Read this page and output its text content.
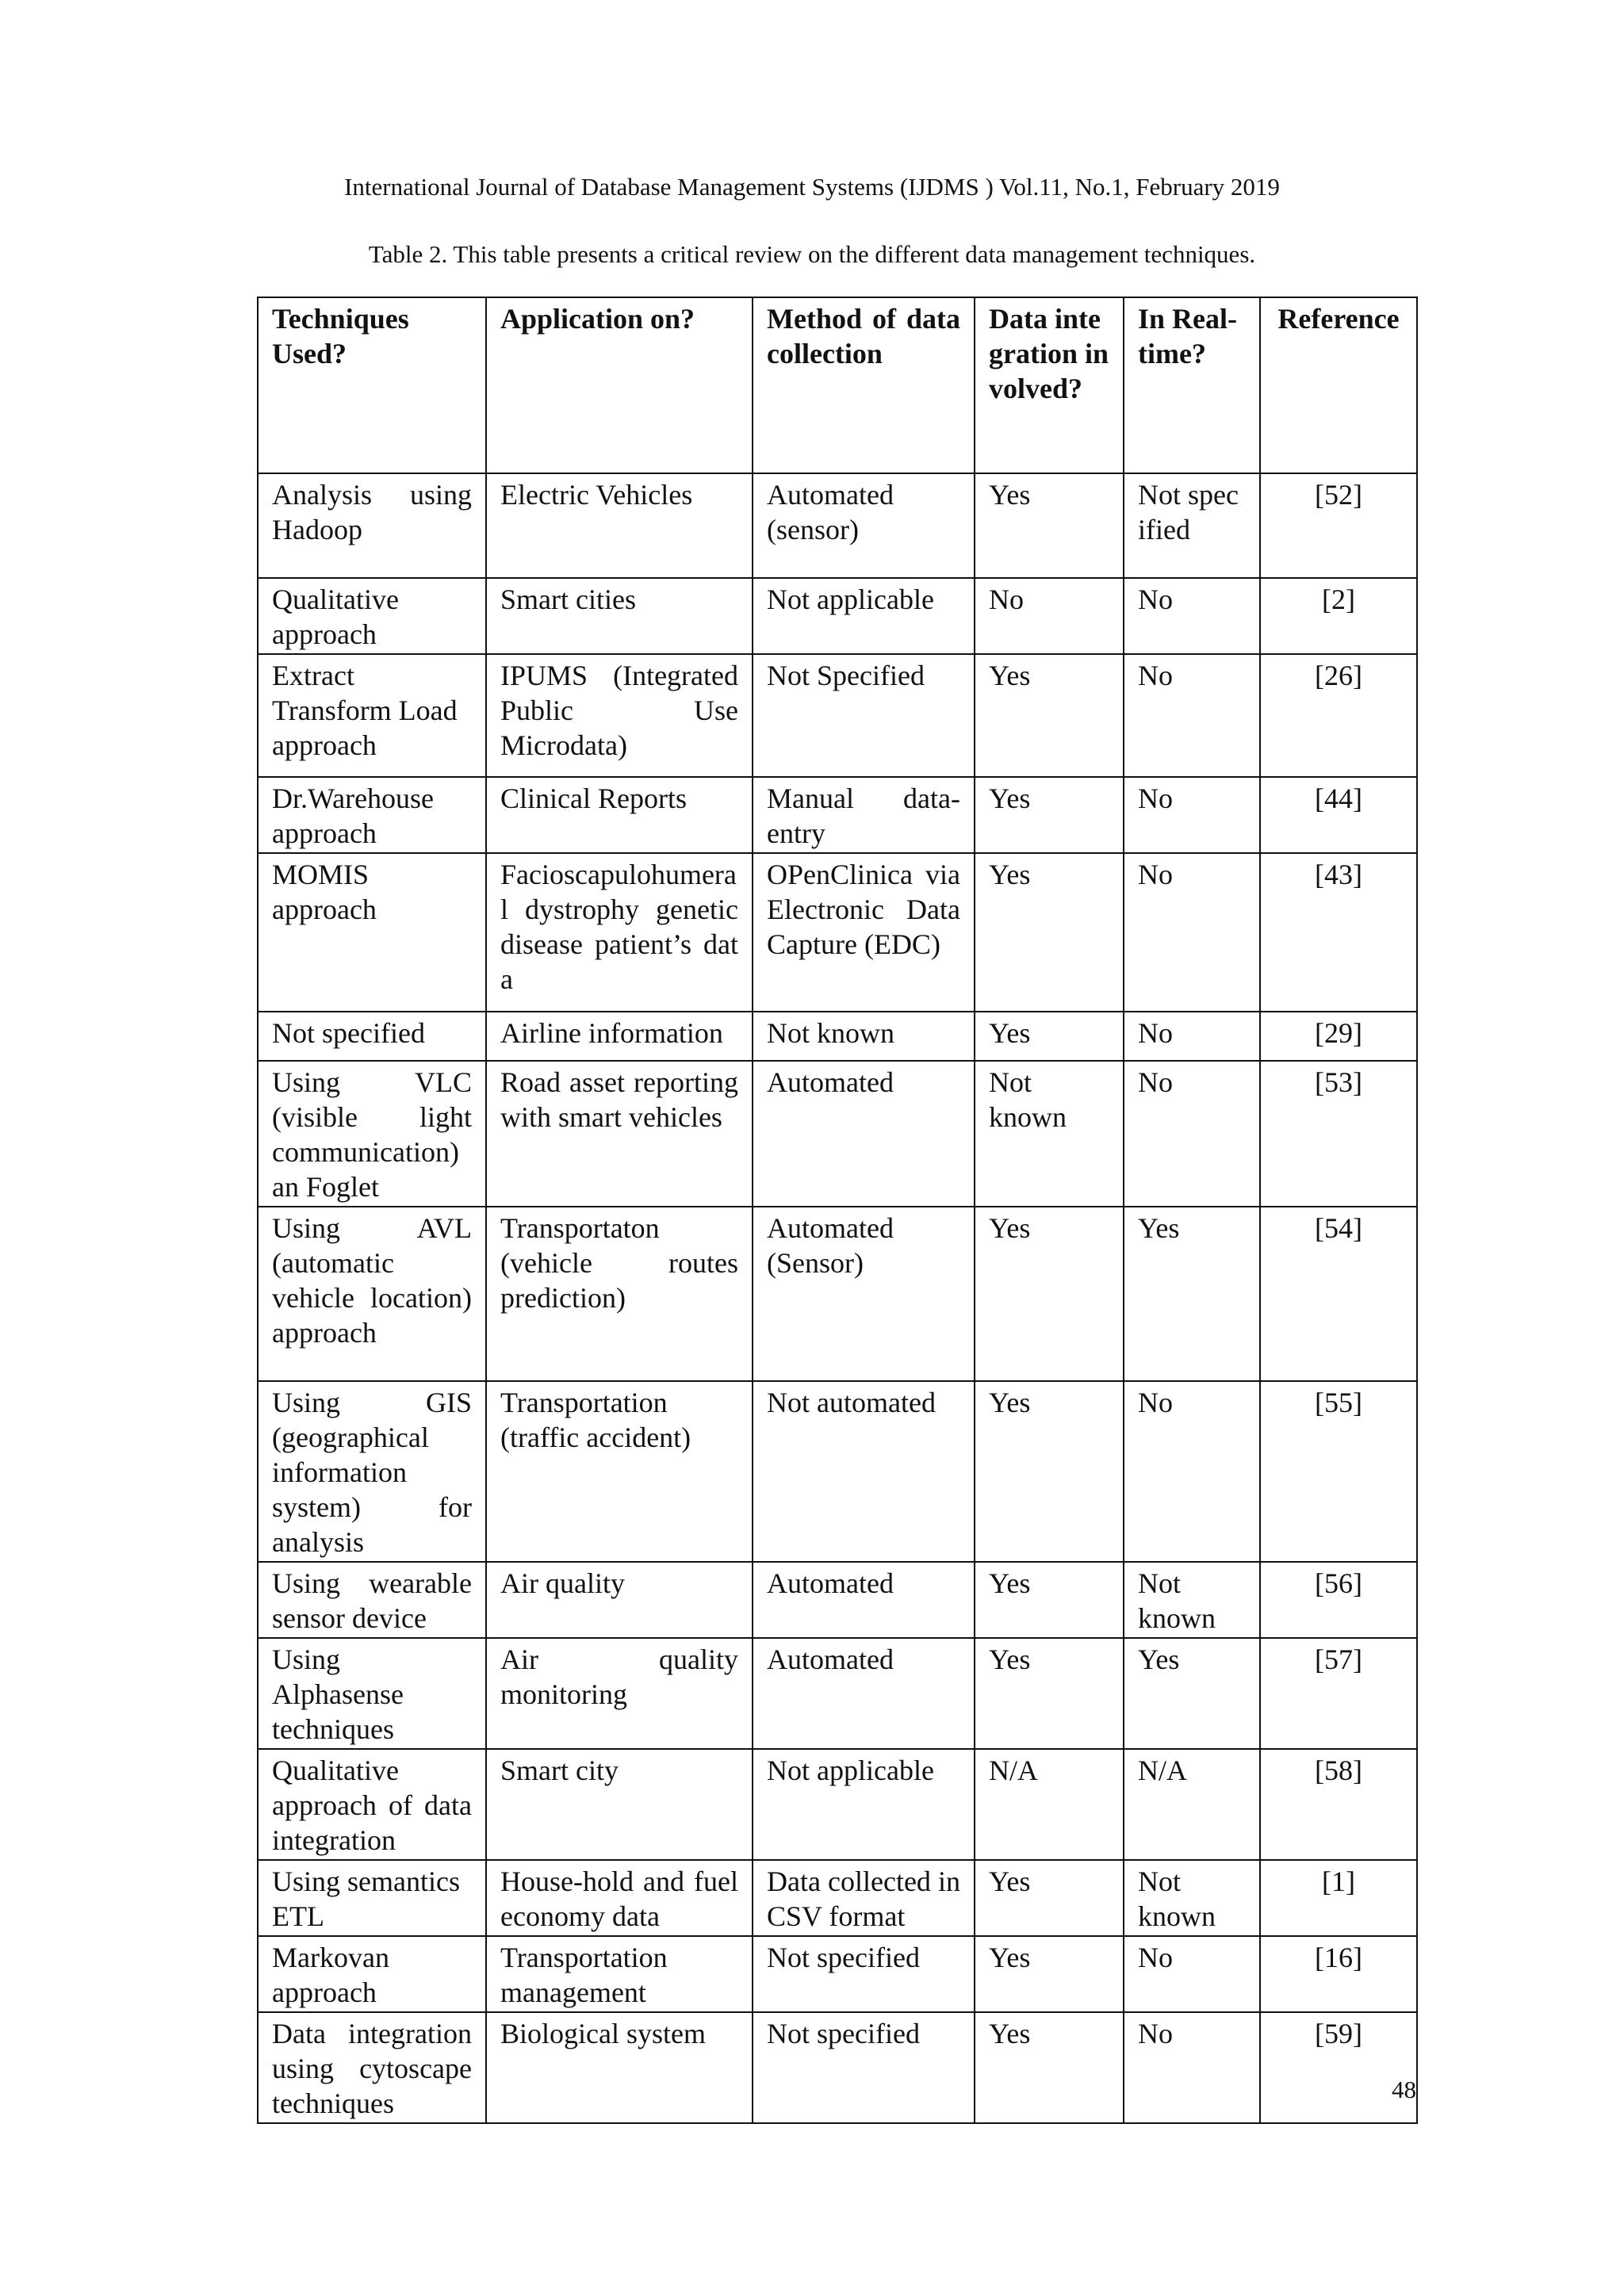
International Journal of Database Management Systems (IJDMS ) Vol.11, No.1, February 2019
Table 2. This table presents a critical review on the different data management techniques.
Techniques Used?	Application on?	Method of data collection	Data integration involved?	In Real-time?	Reference
Analysis using Hadoop	Electric Vehicles	Automated (sensor)	Yes	Not specified	[52]
Qualitative approach	Smart cities	Not applicable	No	No	[2]
Extract Transform Load approach	IPUMS (Integrated Public Use Microdata)	Not Specified	Yes	No	[26]
Dr.Warehouse approach	Clinical Reports	Manual data-entry	Yes	No	[44]
MOMIS approach	Facioscapulohumeral dystrophy genetic disease patient’s data	OPenClinica via Electronic Data Capture (EDC)	Yes	No	[43]
Not specified	Airline information	Not known	Yes	No	[29]
Using VLC (visible light communication) an Foglet	Road asset reporting with smart vehicles	Automated	Not known	No	[53]
Using AVL (automatic vehicle location) approach	Transportaton (vehicle routes prediction)	Automated (Sensor)	Yes	Yes	[54]
Using GIS (geographical information system) for analysis	Transportation (traffic accident)	Not automated	Yes	No	[55]
Using wearable sensor device	Air quality	Automated	Yes	Not known	[56]
Using Alphasense techniques	Air quality monitoring	Automated	Yes	Yes	[57]
Qualitative approach of data integration	Smart city	Not applicable	N/A	N/A	[58]
Using semantics ETL	House-hold and fuel economy data	Data collected in CSV format	Yes	Not known	[1]
Markovan approach	Transportation management	Not specified	Yes	No	[16]
Data integration using cytoscape techniques	Biological system	Not specified	Yes	No	[59]
48
